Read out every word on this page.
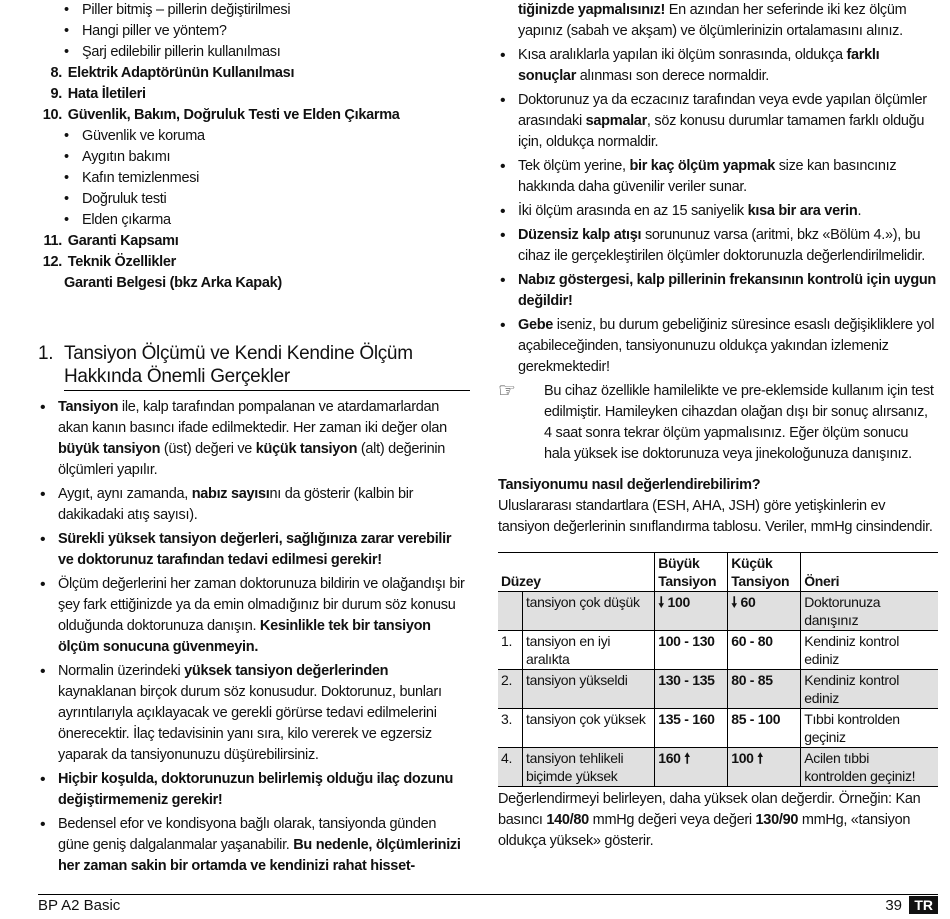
• Piller bitmiş – pillerin değiştirilmesi
• Hangi piller ve yöntem?
• Şarj edilebilir pillerin kullanılması
8. Elektrik Adaptörünün Kullanılması
9. Hata İletileri
10. Güvenlik, Bakım, Doğruluk Testi ve Elden Çıkarma
• Güvenlik ve koruma
• Aygıtın bakımı
• Kafın temizlenmesi
• Doğruluk testi
• Elden çıkarma
11. Garanti Kapsamı
12. Teknik Özellikler
Garanti Belgesi (bkz Arka Kapak)
1. Tansiyon Ölçümü ve Kendi Kendine Ölçüm Hakkında Önemli Gerçekler
• Tansiyon ile, kalp tarafından pompalanan ve atardamarlardan akan kanın basıncı ifade edilmektedir. Her zaman iki değer olan büyük tansiyon (üst) değeri ve küçük tansiyon (alt) değerinin ölçümleri yapılır.
• Aygıt, aynı zamanda, nabız sayısını da gösterir (kalbin bir dakikadaki atış sayısı).
• Sürekli yüksek tansiyon değerleri, sağlığınıza zarar verebilir ve doktorunuz tarafından tedavi edilmesi gerekir!
• Ölçüm değerlerini her zaman doktorunuza bildirin ve olağandışı bir şey fark ettiğinizde ya da emin olmadığınız bir durum söz konusu olduğunda doktorunuza danışın. Kesinlikle tek bir tansiyon ölçüm sonucuna güvenmeyin.
• Normalin üzerindeki yüksek tansiyon değerlerinden kaynaklanan birçok durum söz konusudur. Doktorunuz, bunları ayrıntılarıyla açıklayacak ve gerekli görürse tedavi edilmelerini önerecektir. İlaç tedavisinin yanı sıra, kilo vererek ve egzersiz yaparak da tansiyonunuzu düşürebilirsiniz.
• Hiçbir koşulda, doktorunuzun belirlemiş olduğu ilaç dozunu değiştirmemeniz gerekir!
• Bedensel efor ve kondisyona bağlı olarak, tansiyonda günden güne geniş dalgalanmalar yaşanabilir. Bu nedenle, ölçümlerinizi her zaman sakin bir ortamda ve kendinizi rahat hisset-
tiğinizde yapmalısınız! En azından her seferinde iki kez ölçüm yapınız (sabah ve akşam) ve ölçümlerinizin ortalamasını alınız.
• Kısa aralıklarla yapılan iki ölçüm sonrasında, oldukça farklı sonuçlar alınması son derece normaldir.
• Doktorunuz ya da eczacınız tarafından veya evde yapılan ölçümler arasındaki sapmalar, söz konusu durumlar tamamen farklı olduğu için, oldukça normaldir.
• Tek ölçüm yerine, bir kaç ölçüm yapmak size kan basıncınız hakkında daha güvenilir veriler sunar.
• İki ölçüm arasında en az 15 saniyelik kısa bir ara verin.
• Düzensiz kalp atışı sorununuz varsa (aritmi, bkz «Bölüm 4.»), bu cihaz ile gerçekleştirilen ölçümler doktorunuzla değerlendirilmelidir.
• Nabız göstergesi, kalp pillerinin frekansının kontrolü için uygun değildir!
• Gebe iseniz, bu durum gebeliğiniz süresince esaslı değişikliklere yol açabileceğinden, tansiyonunuzu oldukça yakından izlemeniz gerekmektedir!
☞ Bu cihaz özellikle hamilelikte ve pre-eklemside kullanım için test edilmiştir. Hamileyken cihazdan olağan dışı bir sonuç alırsanız, 4 saat sonra tekrar ölçüm yapmalısınız. Eğer ölçüm sonucu hala yüksek ise doktorunuza veya jinekoloğunuza danışınız.
Tansiyonumu nasıl değerlendirebilirim?
Uluslararası standartlara (ESH, AHA, JSH) göre yetişkinlerin ev tansiyon değerlerinin sınıflandırma tablosu. Veriler, mmHg cinsindendir.
Düzey		Büyük Tansiyon	Küçük Tansiyon	Öneri
	tansiyon çok düşük	🠗 100	🠗 60	Doktorunuza danışınız
1.	tansiyon en iyi aralıkta	100 - 130	60 - 80	Kendiniz kontrol ediniz
2.	tansiyon yükseldi	130 - 135	80 - 85	Kendiniz kontrol ediniz
3.	tansiyon çok yüksek	135 - 160	85 - 100	Tıbbi kontrolden geçiniz
4.	tansiyon tehlikeli biçimde yüksek	160 🠕	100 🠕	Acilen tıbbi kontrolden geçiniz!
Değerlendirmeyi belirleyen, daha yüksek olan değerdir. Örneğin: Kan basıncı 140/80 mmHg değeri veya değeri 130/90 mmHg, «tansiyon oldukça yüksek» gösterir.
BP A2 Basic	39 TR
